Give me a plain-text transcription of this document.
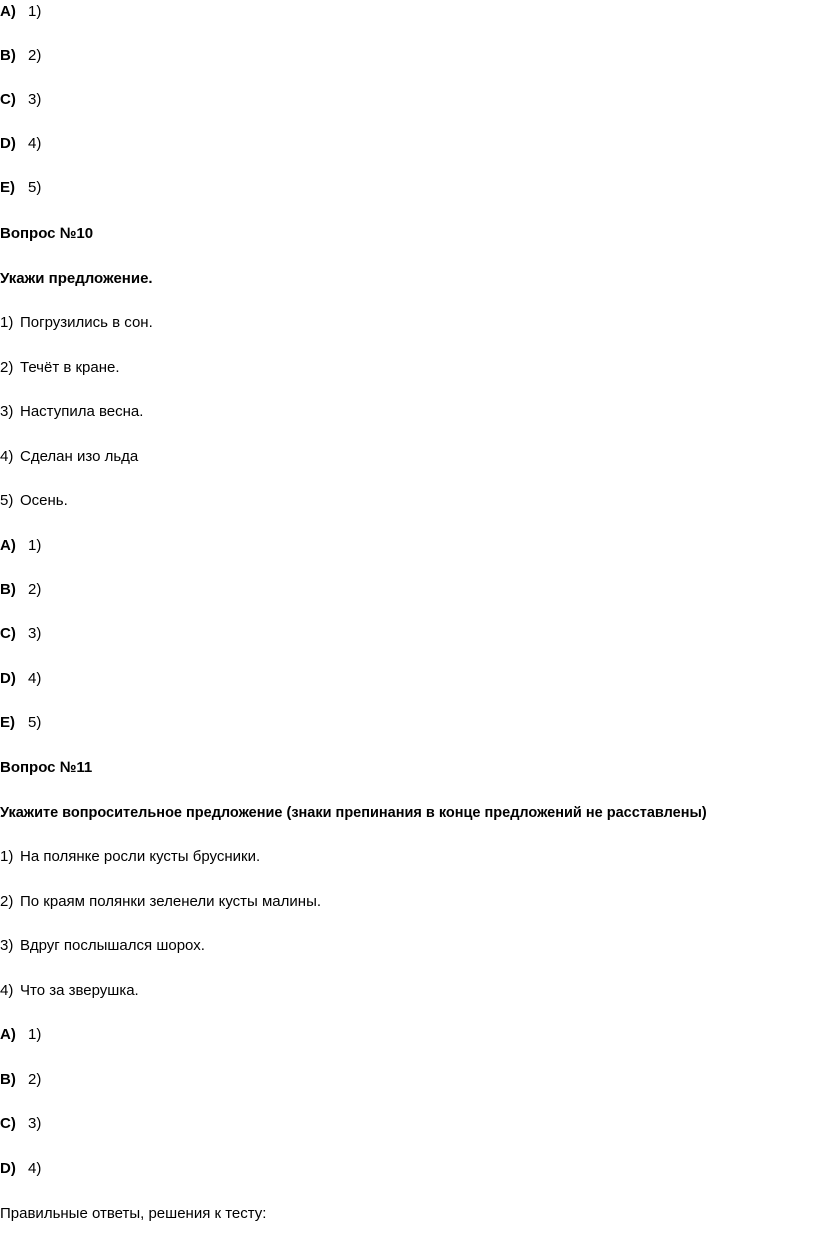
A) 1)
B) 2)
C) 3)
D) 4)
E) 5)
Вопрос №10
Укажи предложение.
1) Погрузились в сон.
2) Течёт в кране.
3) Наступила весна.
4) Сделан изо льда
5) Осень.
A) 1)
B) 2)
C) 3)
D) 4)
E) 5)
Вопрос №11
Укажите вопросительное предложение (знаки препинания в конце предложений не расставлены)
1) На полянке росли кусты брусники.
2) По краям полянки зеленели кусты малины.
3) Вдруг послышался шорох.
4) Что за зверушка.
A) 1)
B) 2)
C) 3)
D) 4)
Правильные ответы, решения к тесту:
